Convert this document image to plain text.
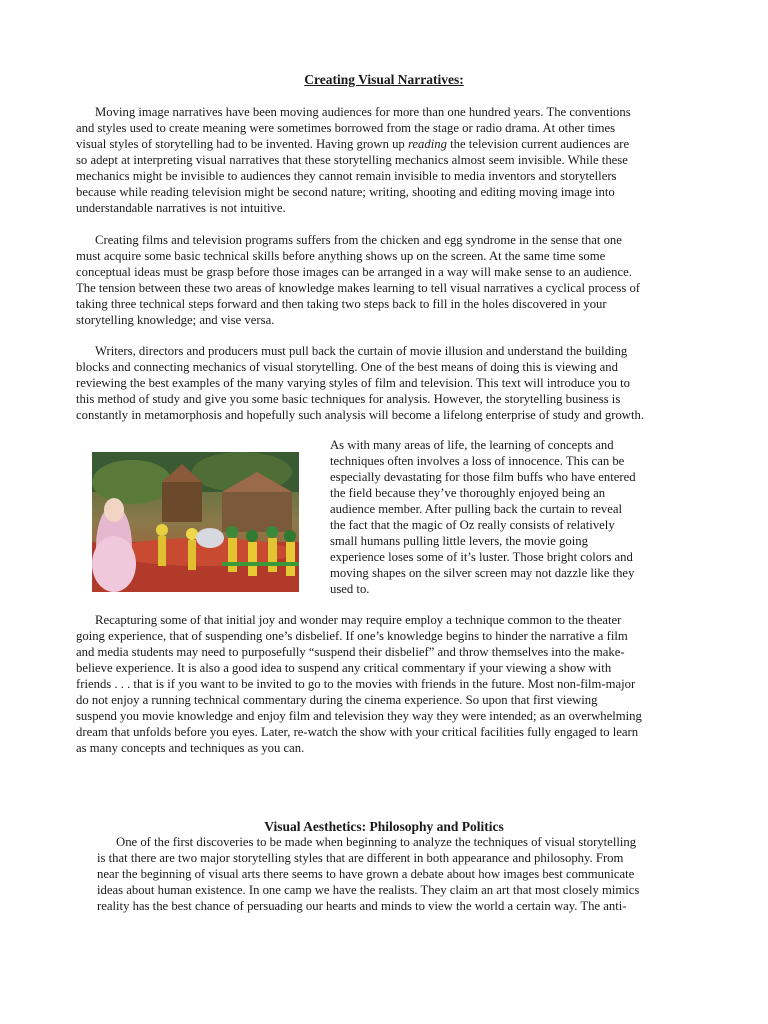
Creating Visual Narratives:
Moving image narratives have been moving audiences for more than one hundred years. The conventions
and styles used to create meaning were sometimes borrowed from the stage or radio drama. At other times
visual styles of storytelling had to be invented. Having grown up reading the television current audiences are
so adept at interpreting visual narratives that these storytelling mechanics almost seem invisible. While these
mechanics might be invisible to audiences they cannot remain invisible to media inventors and storytellers
because while reading television might be second nature; writing, shooting and editing moving image into
understandable narratives is not intuitive.
Creating films and television programs suffers from the chicken and egg syndrome in the sense that one
must acquire some basic technical skills before anything shows up on the screen. At the same time some
conceptual ideas must be grasp before those images can be arranged in a way will make sense to an audience.
The tension between these two areas of knowledge makes learning to tell visual narratives a cyclical process of
taking three technical steps forward and then taking two steps back to fill in the holes discovered in your
storytelling knowledge; and vise versa.
Writers, directors and producers must pull back the curtain of movie illusion and understand the building
blocks and connecting mechanics of visual storytelling. One of the best means of doing this is viewing and
reviewing the best examples of the many varying styles of film and television. This text will introduce you to
this method of study and give you some basic techniques for analysis. However, the storytelling business is
constantly in metamorphosis and hopefully such analysis will become a lifelong enterprise of study and growth.
As with many areas of life, the learning of concepts and
techniques often involves a loss of innocence. This can be
especially devastating for those film buffs who have entered
the field because they’ve thoroughly enjoyed being an
audience member. After pulling back the curtain to reveal
the fact that the magic of Oz really consists of relatively
small humans pulling little levers, the movie going
experience loses some of it’s luster. Those bright colors and
moving shapes on the silver screen may not dazzle like they
used to.
Recapturing some of that initial joy and wonder may require employ a technique common to the theater
going experience, that of suspending one’s disbelief. If one’s knowledge begins to hinder the narrative a film
and media students may need to purposefully “suspend their disbelief” and throw themselves into the make-
believe experience. It is also a good idea to suspend any critical commentary if your viewing a show with
friends . . . that is if you want to be invited to go to the movies with friends in the future. Most non-film-major
do not enjoy a running technical commentary during the cinema experience. So upon that first viewing
suspend you movie knowledge and enjoy film and television they way they were intended; as an overwhelming
dream that unfolds before you eyes. Later, re-watch the show with your critical facilities fully engaged to learn
as many concepts and techniques as you can.
Visual Aesthetics: Philosophy and Politics
One of the first discoveries to be made when beginning to analyze the techniques of visual storytelling
is that there are two major storytelling styles that are different in both appearance and philosophy. From
near the beginning of visual arts there seems to have grown a debate about how images best communicate
ideas about human existence. In one camp we have the realists. They claim an art that most closely mimics
reality has the best chance of persuading our hearts and minds to view the world a certain way. The anti-
